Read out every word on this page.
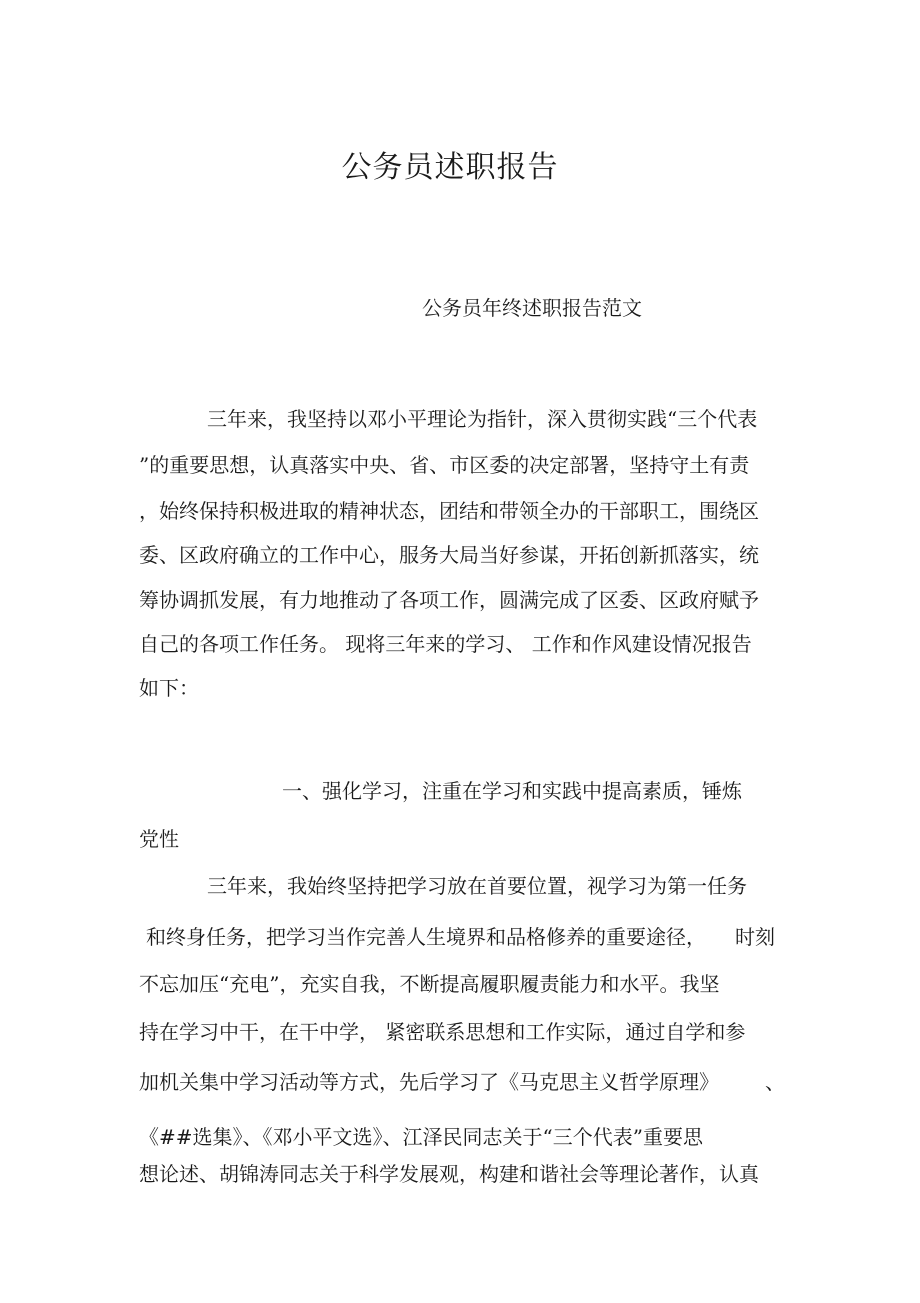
公务员述职报告
公务员年终述职报告范文
三年来，我坚持以邓小平理论为指针，深入贯彻实践“三个代表
”的重要思想，认真落实中央、省、市区委的决定部署，坚持守土有责
，始终保持积极进取的精神状态，团结和带领全办的干部职工，围绕区
委、区政府确立的工作中心，服务大局当好参谋，开拓创新抓落实，统
筹协调抓发展，有力地推动了各项工作，圆满完成了区委、区政府赋予
自己的各项工作任务。 现将三年来的学习、 工作和作风建设情况报告
如下：
一、强化学习，注重在学习和实践中提高素质，锤炼
党性
三年来，我始终坚持把学习放在首要位置，视学习为第一任务
和终身任务，把学习当作完善人生境界和品格修养的重要途径， 时刻
不忘加压“充电”，充实自我，不断提高履职履责能力和水平。我坚
持在学习中干，在干中学， 紧密联系思想和工作实际，通过自学和参
加机关集中学习活动等方式，先后学习了《马克思主义哲学原理》 、
《##选集》、《邓小平文选》、江泽民同志关于“三个代表”重要思
想论述、胡锦涛同志关于科学发展观，构建和谐社会等理论著作，认真
